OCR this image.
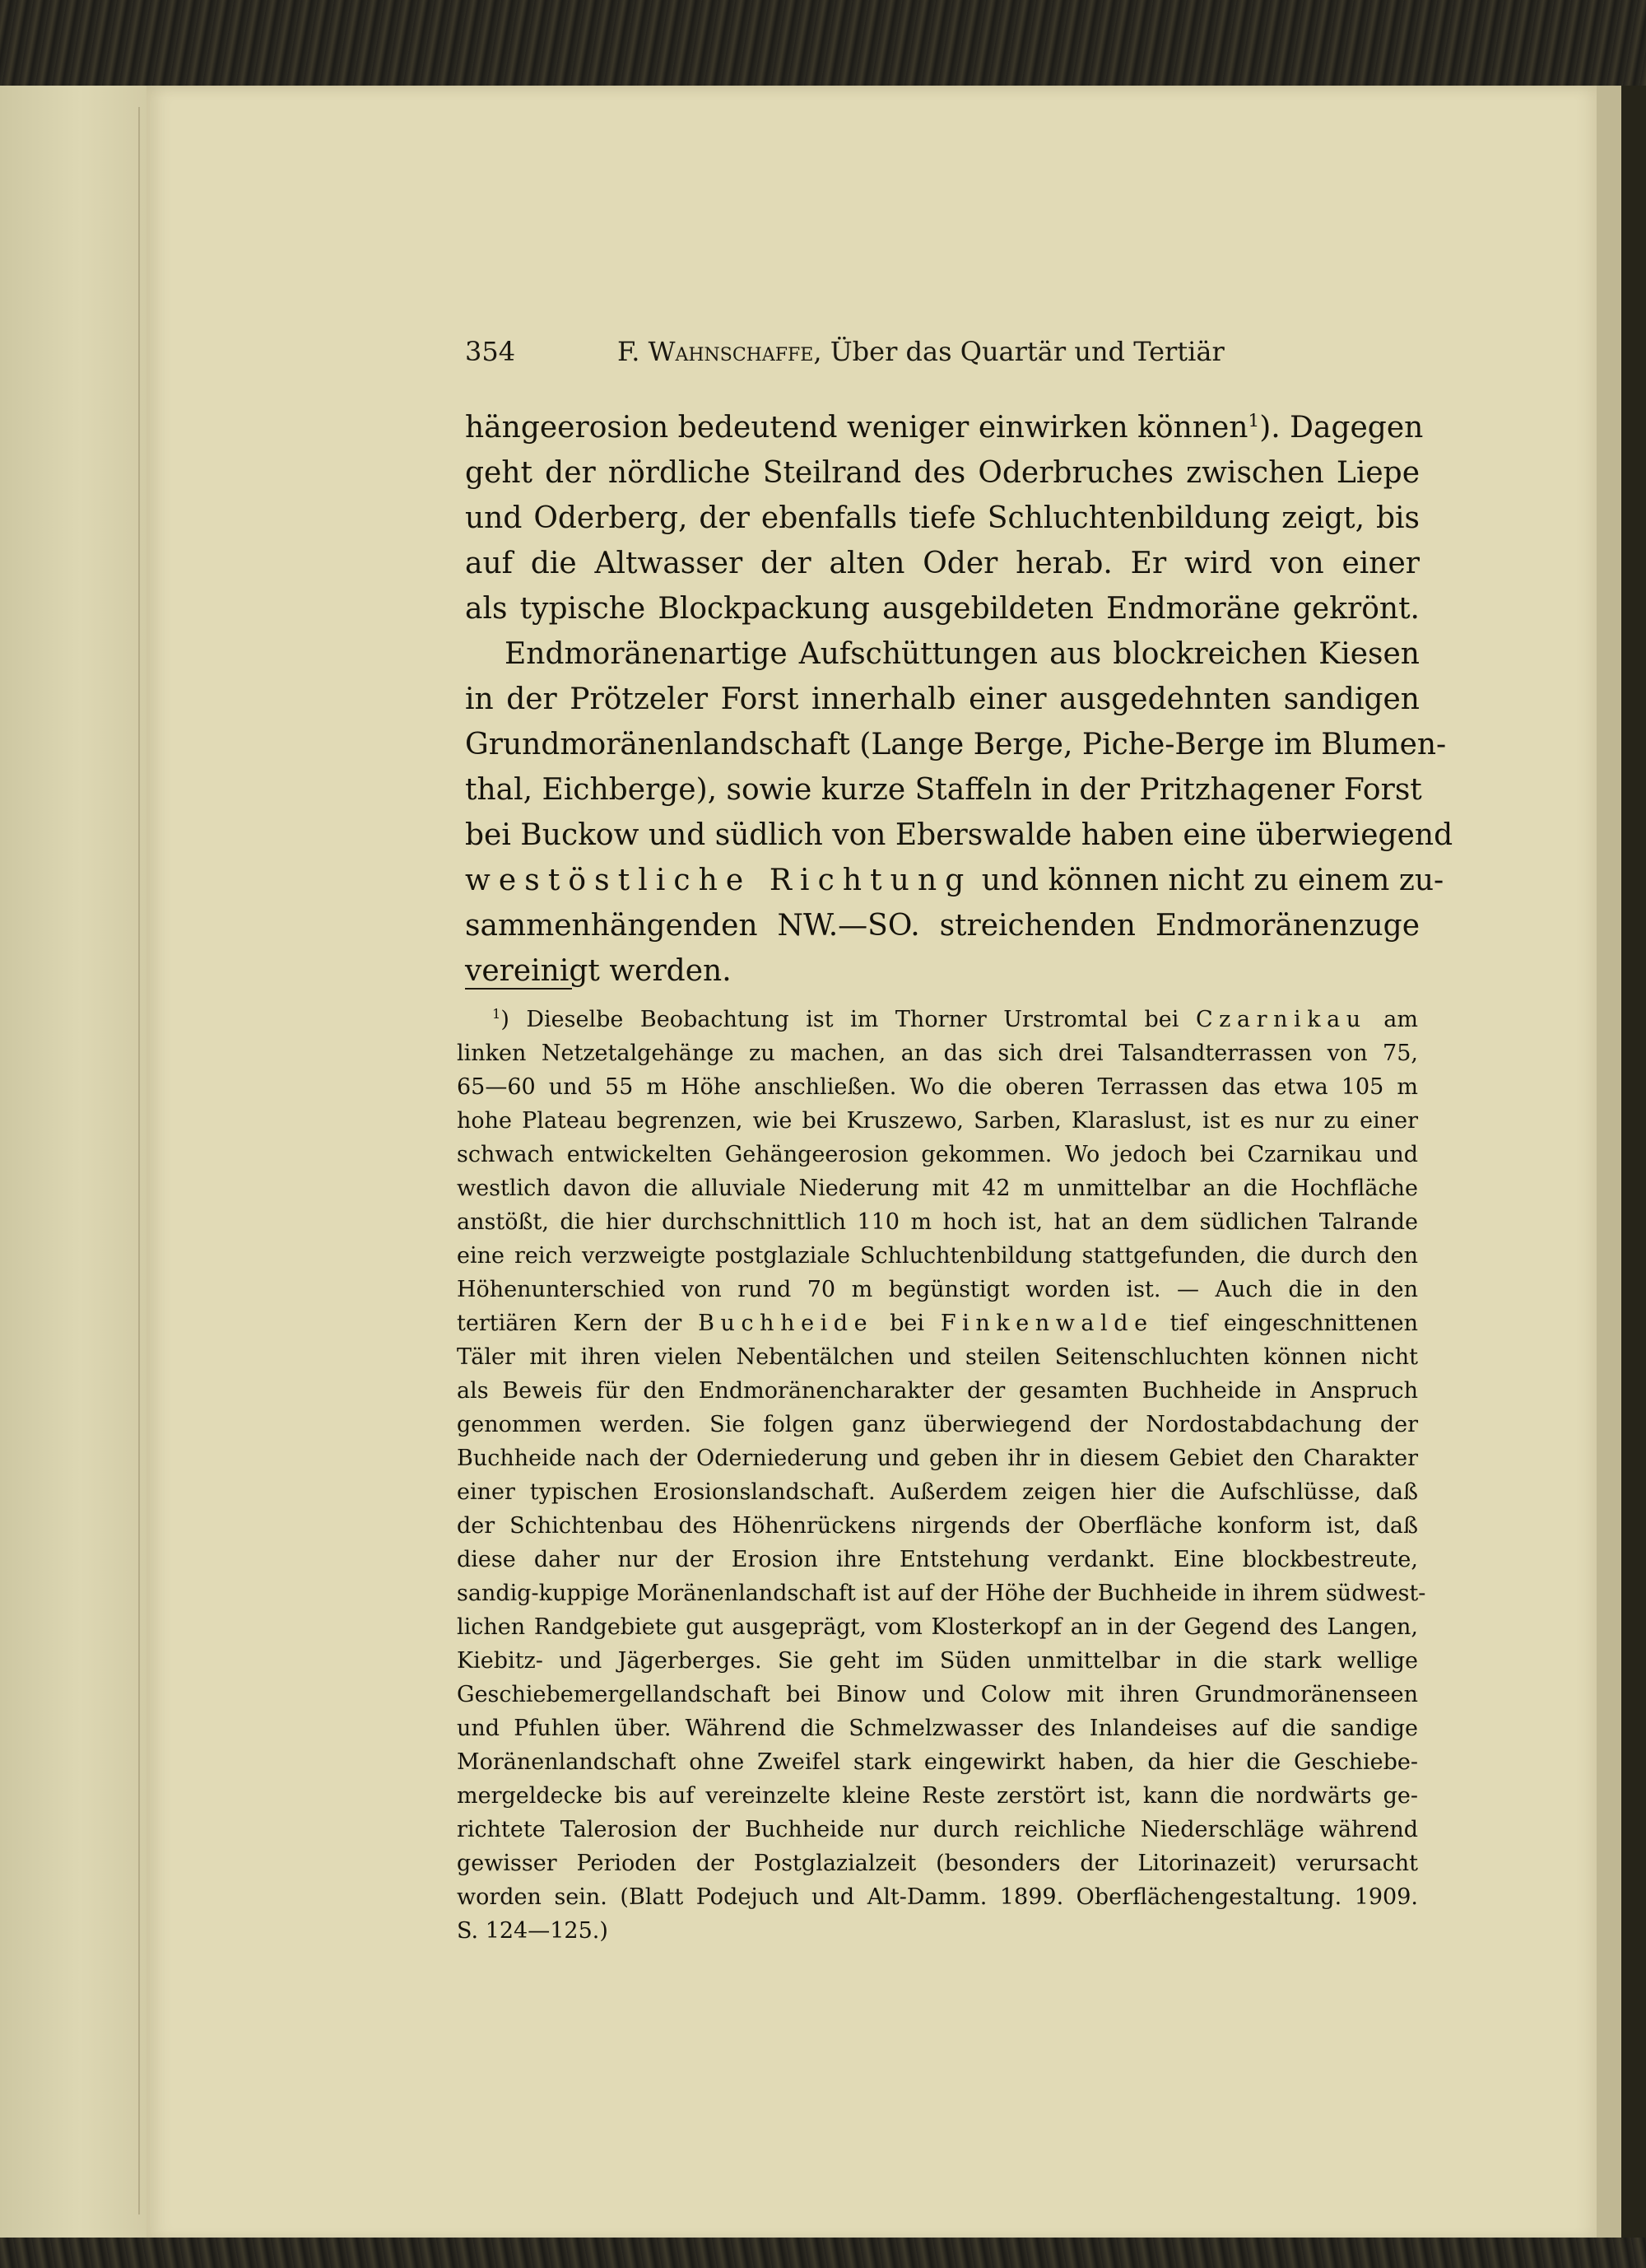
354	F. Wahnschaffe, Über das Quartär und Tertiär
hängeerosion bedeutend weniger einwirken können$^1$). Dagegen
geht der nördliche Steilrand des Oderbruches zwischen Liepe
und Oderberg, der ebenfalls tiefe Schluchtenbildung zeigt, bis
auf die Altwasser der alten Oder herab. Er wird von einer
als typische Blockpackung ausgebildeten Endmoräne gekrönt.
Endmoränenartige Aufschüttungen aus blockreichen Kiesen
in der Prötzeler Forst innerhalb einer ausgedehnten sandigen
Grundmoränenlandschaft (Lange Berge, Piche-Berge im Blumen-
thal, Eichberge), sowie kurze Staffeln in der Pritzhagener Forst
bei Buckow und südlich von Eberswalde haben eine überwiegend
westöstliche Richtung und können nicht zu einem zu-
sammenhängenden NW.—SO. streichenden Endmoränenzuge
vereinigt werden.
$^1$) Dieselbe Beobachtung ist im Thorner Urstromtal bei Czarnikau am
linken Netzetalgehänge zu machen, an das sich drei Talsandterrassen von 75,
65—60 und 55 m Höhe anschließen. Wo die oberen Terrassen das etwa 105 m
hohe Plateau begrenzen, wie bei Kruszewo, Sarben, Klaraslust, ist es nur zu einer
schwach entwickelten Gehängeerosion gekommen. Wo jedoch bei Czarnikau und
westlich davon die alluviale Niederung mit 42 m unmittelbar an die Hochfläche
anstößt, die hier durchschnittlich 110 m hoch ist, hat an dem südlichen Talrande
eine reich verzweigte postglaziale Schluchtenbildung stattgefunden, die durch den
Höhenunterschied von rund 70 m begünstigt worden ist. — Auch die in den
tertiären Kern der Buchheide bei Finkenwalde tief eingeschnittenen
Täler mit ihren vielen Nebentälchen und steilen Seitenschluchten können nicht
als Beweis für den Endmoränencharakter der gesamten Buchheide in Anspruch
genommen werden. Sie folgen ganz überwiegend der Nordostabdachung der
Buchheide nach der Oderniederung und geben ihr in diesem Gebiet den Charakter
einer typischen Erosionslandschaft. Außerdem zeigen hier die Aufschlüsse, daß
der Schichtenbau des Höhenrückens nirgends der Oberfläche konform ist, daß
diese daher nur der Erosion ihre Entstehung verdankt. Eine blockbestreute,
sandig-kuppige Moränenlandschaft ist auf der Höhe der Buchheide in ihrem südwest-
lichen Randgebiete gut ausgeprägt, vom Klosterkopf an in der Gegend des Langen,
Kiebitz- und Jägerberges. Sie geht im Süden unmittelbar in die stark wellige
Geschiebemergellandschaft bei Binow und Colow mit ihren Grundmoränenseen
und Pfuhlen über. Während die Schmelzwasser des Inlandeises auf die sandige
Moränenlandschaft ohne Zweifel stark eingewirkt haben, da hier die Geschiebe-
mergeldecke bis auf vereinzelte kleine Reste zerstört ist, kann die nordwärts ge-
richtete Talerosion der Buchheide nur durch reichliche Niederschläge während
gewisser Perioden der Postglazialzeit (besonders der Litorinazeit) verursacht
worden sein. (Blatt Podejuch und Alt-Damm. 1899. Oberflächengestaltung. 1909.
S. 124—125.)
